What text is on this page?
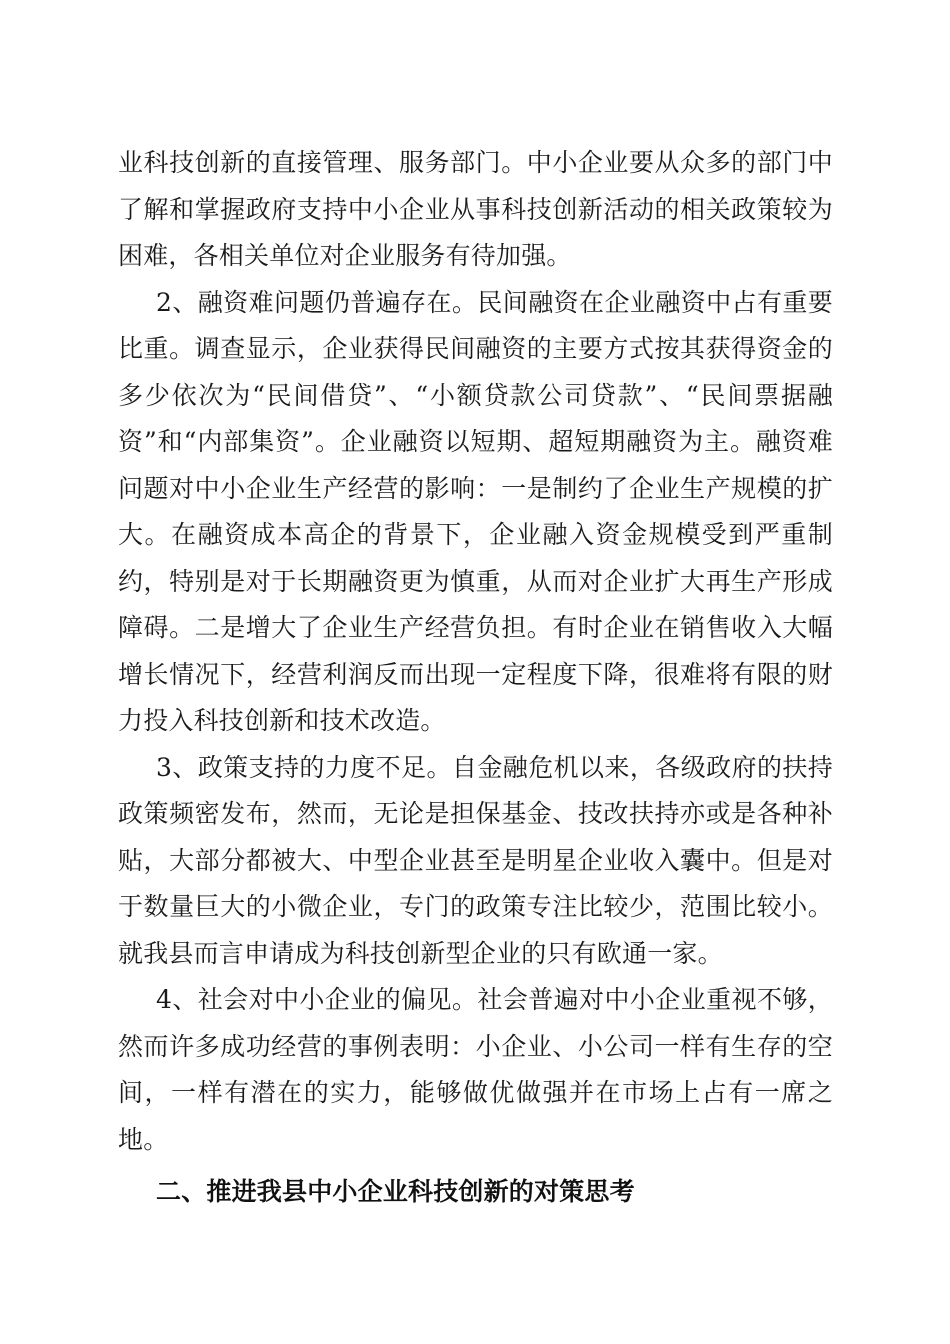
业科技创新的直接管理、服务部门。中小企业要从众多的部门中了解和掌握政府支持中小企业从事科技创新活动的相关政策较为困难，各相关单位对企业服务有待加强。

2、融资难问题仍普遍存在。民间融资在企业融资中占有重要比重。调查显示，企业获得民间融资的主要方式按其获得资金的多少依次为“民间借贷”、“小额贷款公司贷款”、“民间票据融资”和“内部集资”。企业融资以短期、超短期融资为主。融资难问题对中小企业生产经营的影响：一是制约了企业生产规模的扩大。在融资成本高企的背景下，企业融入资金规模受到严重制约，特别是对于长期融资更为慎重，从而对企业扩大再生产形成障碍。二是增大了企业生产经营负担。有时企业在销售收入大幅增长情况下，经营利润反而出现一定程度下降，很难将有限的财力投入科技创新和技术改造。

3、政策支持的力度不足。自金融危机以来，各级政府的扶持政策频密发布，然而，无论是担保基金、技改扶持亦或是各种补贴，大部分都被大、中型企业甚至是明星企业收入囊中。但是对于数量巨大的小微企业，专门的政策专注比较少，范围比较小。就我县而言申请成为科技创新型企业的只有欧通一家。

4、社会对中小企业的偏见。社会普遍对中小企业重视不够，然而许多成功经营的事例表明：小企业、小公司一样有生存的空间，一样有潜在的实力，能够做优做强并在市场上占有一席之地。

二、推进我县中小企业科技创新的对策思考
